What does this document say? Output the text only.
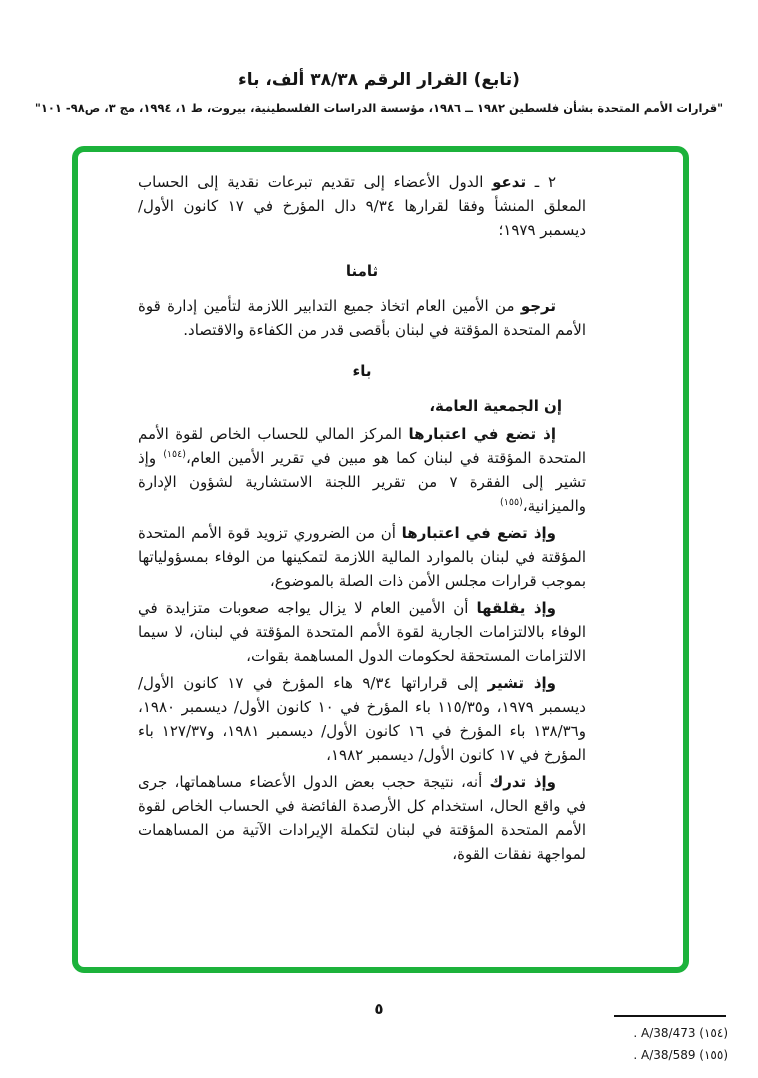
(تابع) القرار الرقم ٣٨/٣٨ ألف، باء

"قرارات الأمم المتحدة بشأن فلسطين ١٩٨٢ ــ ١٩٨٦، مؤسسة الدراسات الفلسطينية، بيروت، ط ١، ١٩٩٤، مج ٣، ص٩٨- ١٠١"

٢ ـ تدعو الدول الأعضاء إلى تقديم تبرعات نقدية إلى الحساب المعلق المنشأ وفقا لقرارها ٩/٣٤ دال المؤرخ في ١٧ كانون الأول/ ديسمبر ١٩٧٩؛

ثامنا

ترجو من الأمين العام اتخاذ جميع التدابير اللازمة لتأمين إدارة قوة الأمم المتحدة المؤقتة في لبنان بأقصى قدر من الكفاءة والاقتصاد.

باء

إن الجمعية العامة،

إذ تضع في اعتبارها المركز المالي للحساب الخاص لقوة الأمم المتحدة المؤقتة في لبنان كما هو مبين في تقرير الأمين العام،$^{(١٥٤)}$ وإذ تشير إلى الفقرة ٧ من تقرير اللجنة الاستشارية لشؤون الإدارة والميزانية،$^{(١٥٥)}$

وإذ تضع في اعتبارها أن من الضروري تزويد قوة الأمم المتحدة المؤقتة في لبنان بالموارد المالية اللازمة لتمكينها من الوفاء بمسؤولياتها بموجب قرارات مجلس الأمن ذات الصلة بالموضوع،

وإذ يقلقها أن الأمين العام لا يزال يواجه صعوبات متزايدة في الوفاء بالالتزامات الجارية لقوة الأمم المتحدة المؤقتة في لبنان، لا سيما الالتزامات المستحقة لحكومات الدول المساهمة بقوات،

وإذ تشير إلى قراراتها ٩/٣٤ هاء المؤرخ في ١٧ كانون الأول/ ديسمبر ١٩٧٩، و١١٥/٣٥ باء المؤرخ في ١٠ كانون الأول/ ديسمبر ١٩٨٠، و١٣٨/٣٦ باء المؤرخ في ١٦ كانون الأول/ ديسمبر ١٩٨١، و١٢٧/٣٧ باء المؤرخ في ١٧ كانون الأول/ ديسمبر ١٩٨٢،

وإذ تدرك أنه، نتيجة حجب بعض الدول الأعضاء مساهماتها، جرى في واقع الحال، استخدام كل الأرصدة الفائضة في الحساب الخاص لقوة الأمم المتحدة المؤقتة في لبنان لتكملة الإيرادات الآتية من المساهمات لمواجهة نفقات القوة،

(١٥٤) A/38/473 .
(١٥٥) A/38/589 .
٥
